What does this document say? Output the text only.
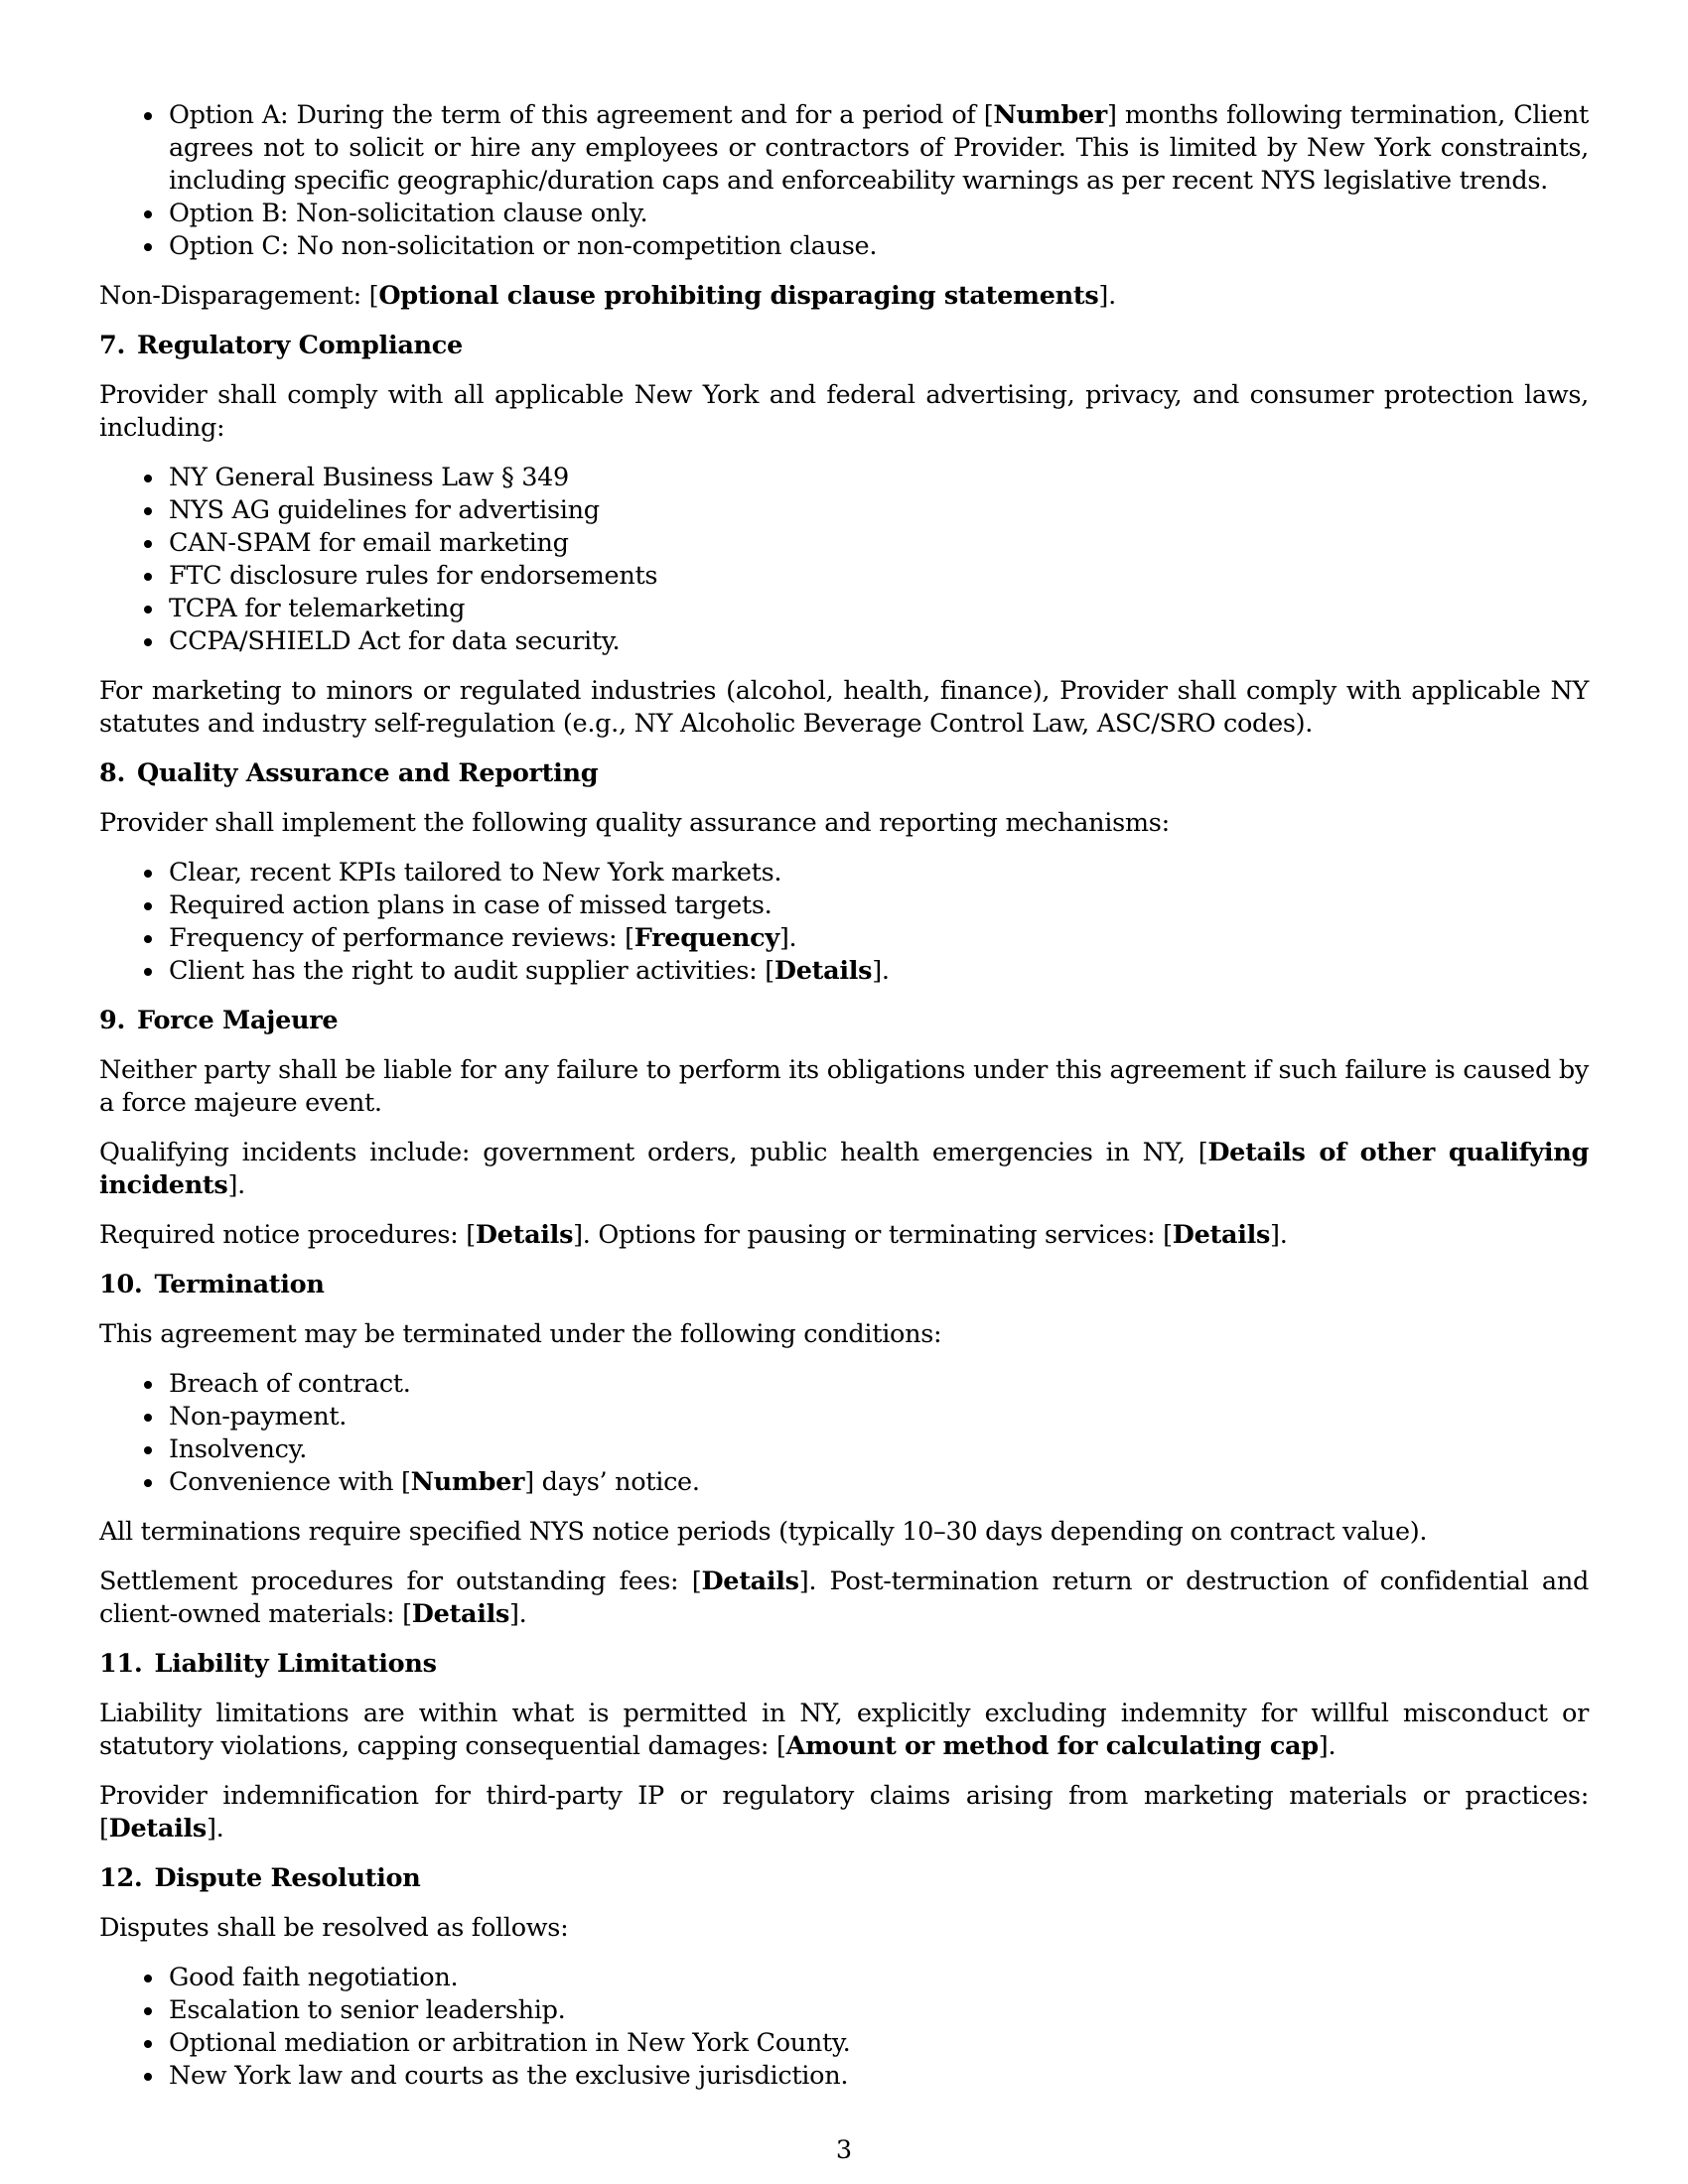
Option A: During the term of this agreement and for a period of [Number] months following termination, Client agrees not to solicit or hire any employees or contractors of Provider. This is limited by New York constraints, including specific geographic/duration caps and enforceability warnings as per recent NYS legislative trends.
Option B: Non-solicitation clause only.
Option C: No non-solicitation or non-competition clause.

Non-Disparagement: [Optional clause prohibiting disparaging statements].

7. Regulatory Compliance

Provider shall comply with all applicable New York and federal advertising, privacy, and consumer protection laws, including:

NY General Business Law § 349
NYS AG guidelines for advertising
CAN-SPAM for email marketing
FTC disclosure rules for endorsements
TCPA for telemarketing
CCPA/SHIELD Act for data security.

For marketing to minors or regulated industries (alcohol, health, finance), Provider shall comply with applicable NY statutes and industry self-regulation (e.g., NY Alcoholic Beverage Control Law, ASC/SRO codes).

8. Quality Assurance and Reporting

Provider shall implement the following quality assurance and reporting mechanisms:

Clear, recent KPIs tailored to New York markets.
Required action plans in case of missed targets.
Frequency of performance reviews: [Frequency].
Client has the right to audit supplier activities: [Details].
9. Force Majeure

Neither party shall be liable for any failure to perform its obligations under this agreement if such failure is caused by a force majeure event.

Qualifying incidents include: government orders, public health emergencies in NY, [Details of other qualifying incidents].

Required notice procedures: [Details]. Options for pausing or terminating services: [Details].

10. Termination

This agreement may be terminated under the following conditions:

Breach of contract.
Non-payment.
Insolvency.
Convenience with [Number] days’ notice.

All terminations require specified NYS notice periods (typically 10–30 days depending on contract value).

Settlement procedures for outstanding fees: [Details]. Post-termination return or destruction of confidential and client-owned materials: [Details].

11. Liability Limitations

Liability limitations are within what is permitted in NY, explicitly excluding indemnity for willful misconduct or statutory violations, capping consequential damages: [Amount or method for calculating cap].

Provider indemnification for third-party IP or regulatory claims arising from marketing materials or practices: [Details].

12. Dispute Resolution

Disputes shall be resolved as follows:

Good faith negotiation.
Escalation to senior leadership.
Optional mediation or arbitration in New York County.
New York law and courts as the exclusive jurisdiction.
3
